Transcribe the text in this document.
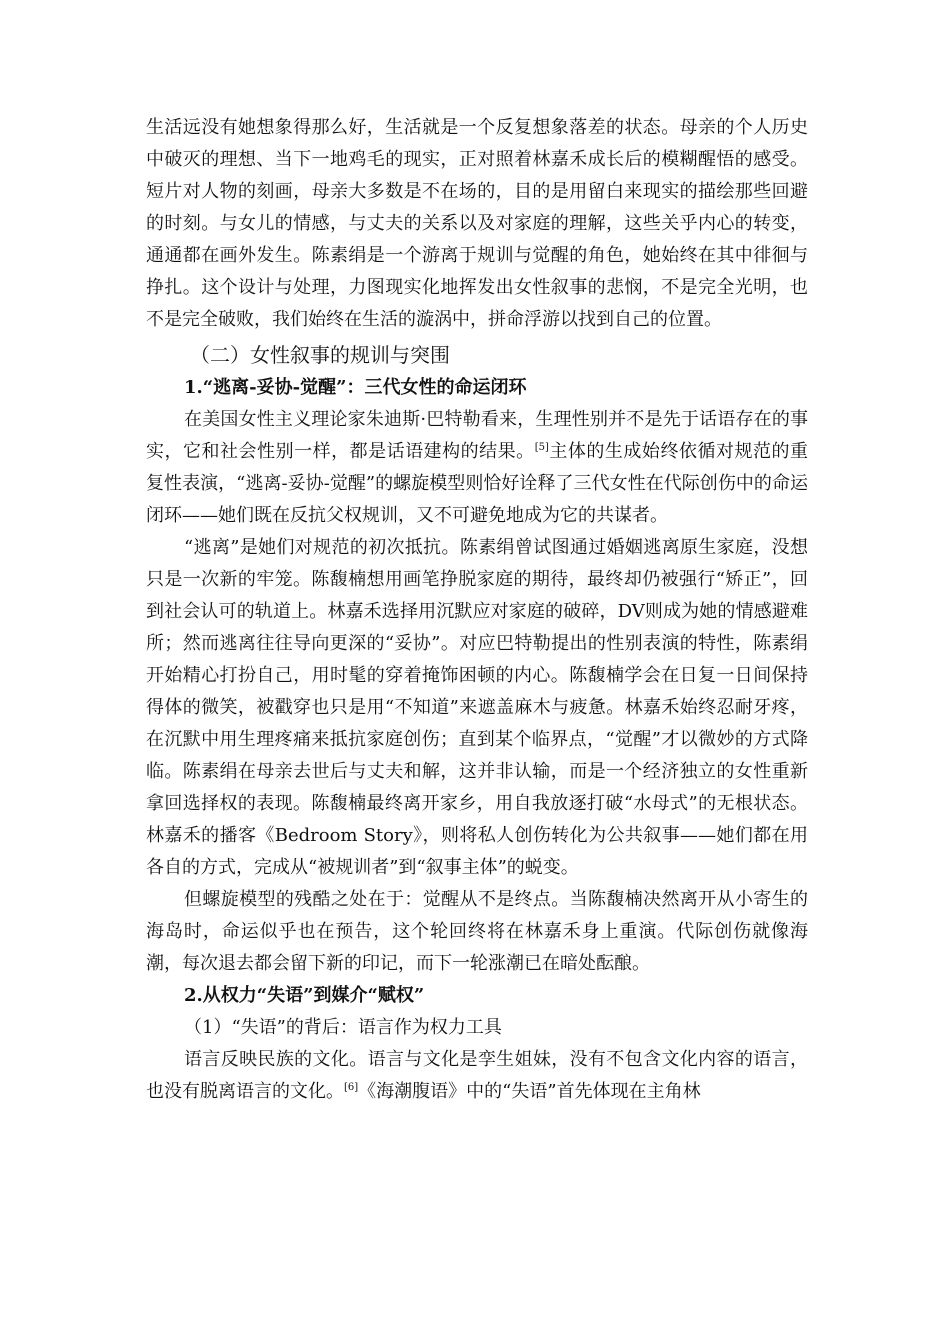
生活远没有她想象得那么好，生活就是一个反复想象落差的状态。母亲的个人历史中破灭的理想、当下一地鸡毛的现实，正对照着林嘉禾成长后的模糊醒悟的感受。短片对人物的刻画，母亲大多数是不在场的，目的是用留白来现实的描绘那些回避的时刻。与女儿的情感，与丈夫的关系以及对家庭的理解，这些关乎内心的转变，通通都在画外发生。陈素绢是一个游离于规训与觉醒的角色，她始终在其中徘徊与挣扎。这个设计与处理，力图现实化地挥发出女性叙事的悲悯，不是完全光明，也不是完全破败，我们始终在生活的漩涡中，拼命浮游以找到自己的位置。

（二）女性叙事的规训与突围
1.“逃离-妥协-觉醒”：三代女性的命运闭环

在美国女性主义理论家朱迪斯·巴特勒看来，生理性别并不是先于话语存在的事实，它和社会性别一样，都是话语建构的结果。[5]主体的生成始终依循对规范的重复性表演，“逃离-妥协-觉醒”的螺旋模型则恰好诠释了三代女性在代际创伤中的命运闭环——她们既在反抗父权规训，又不可避免地成为它的共谋者。

“逃离”是她们对规范的初次抵抗。陈素绢曾试图通过婚姻逃离原生家庭，没想只是一次新的牢笼。陈馥楠想用画笔挣脱家庭的期待，最终却仍被强行“矫正”，回到社会认可的轨道上。林嘉禾选择用沉默应对家庭的破碎，DV则成为她的情感避难所；然而逃离往往导向更深的“妥协”。对应巴特勒提出的性别表演的特性，陈素绢开始精心打扮自己，用时髦的穿着掩饰困顿的内心。陈馥楠学会在日复一日间保持得体的微笑，被戳穿也只是用“不知道”来遮盖麻木与疲惫。林嘉禾始终忍耐牙疼，在沉默中用生理疼痛来抵抗家庭创伤；直到某个临界点，“觉醒”才以微妙的方式降临。陈素绢在母亲去世后与丈夫和解，这并非认输，而是一个经济独立的女性重新拿回选择权的表现。陈馥楠最终离开家乡，用自我放逐打破“水母式”的无根状态。林嘉禾的播客《Bedroom Story》，则将私人创伤转化为公共叙事——她们都在用各自的方式，完成从“被规训者”到“叙事主体”的蜕变。

但螺旋模型的残酷之处在于：觉醒从不是终点。当陈馥楠决然离开从小寄生的海岛时，命运似乎也在预告，这个轮回终将在林嘉禾身上重演。代际创伤就像海潮，每次退去都会留下新的印记，而下一轮涨潮已在暗处酝酿。

2.从权力“失语”到媒介“赋权”
（1）“失语”的背后：语言作为权力工具

语言反映民族的文化。语言与文化是孪生姐妹，没有不包含文化内容的语言，也没有脱离语言的文化。[6]《海潮腹语》中的“失语”首先体现在主角林
